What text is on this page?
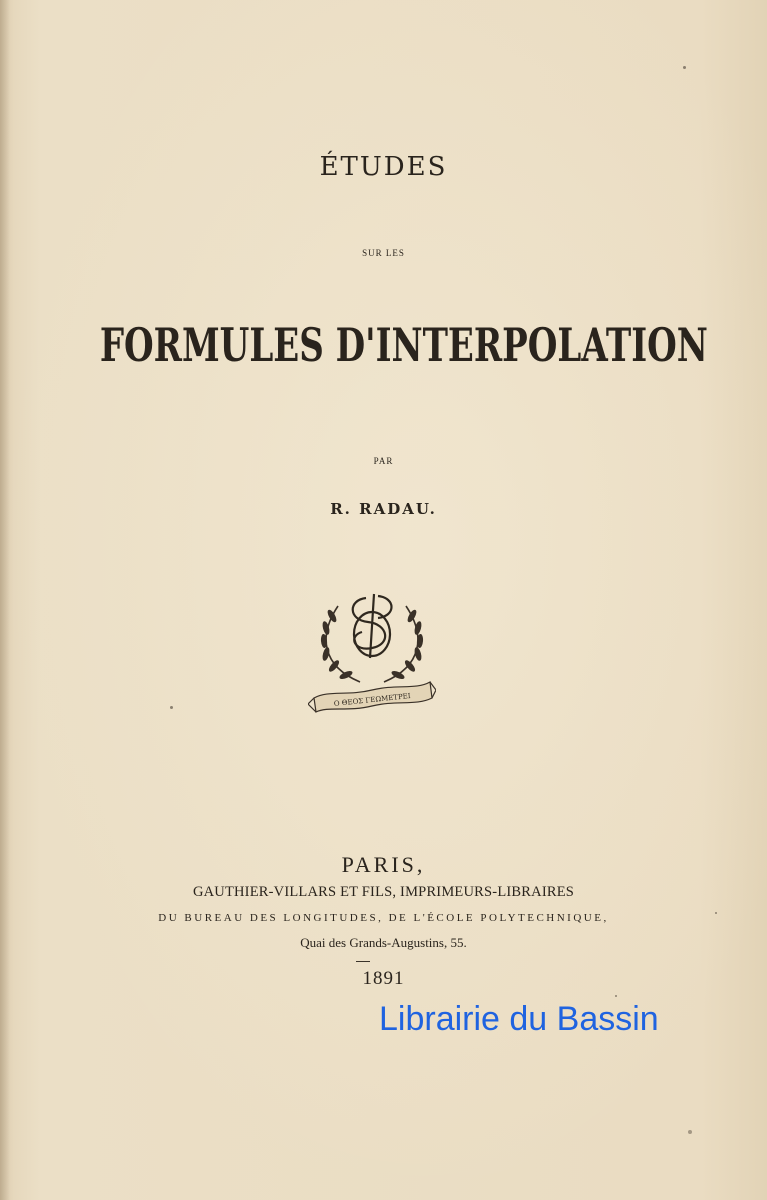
ÉTUDES
SUR LES
FORMULES D'INTERPOLATION
PAR
R. RADAU.
Ο ΘΕΟΣ ΓΕΩΜΕΤΡΕΙ
PARIS,
GAUTHIER-VILLARS ET FILS, IMPRIMEURS-LIBRAIRES
DU BUREAU DES LONGITUDES, DE L'ÉCOLE POLYTECHNIQUE,
Quai des Grands-Augustins, 55.
1891
Librairie du Bassin
